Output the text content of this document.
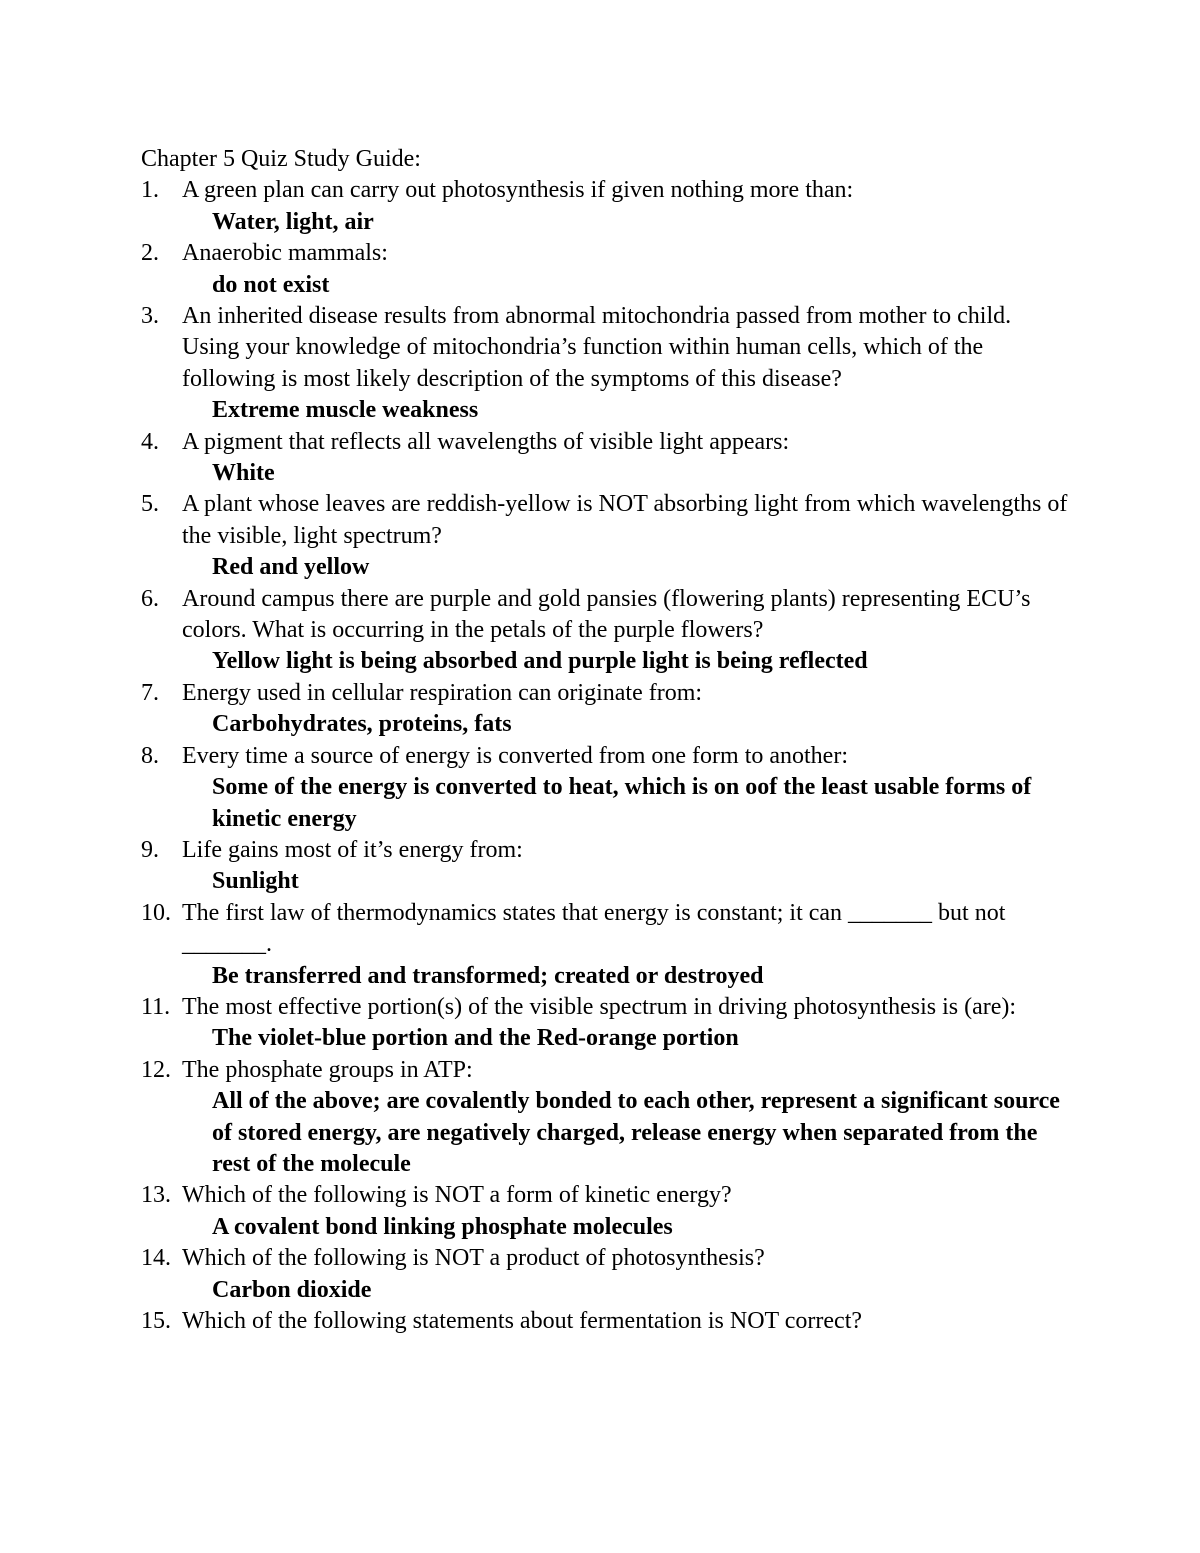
Chapter 5 Quiz Study Guide:
1. A green plan can carry out photosynthesis if given nothing more than:
Water, light, air
2. Anaerobic mammals:
do not exist
3. An inherited disease results from abnormal mitochondria passed from mother to child. Using your knowledge of mitochondria’s function within human cells, which of the following is most likely description of the symptoms of this disease?
Extreme muscle weakness
4. A pigment that reflects all wavelengths of visible light appears:
White
5. A plant whose leaves are reddish-yellow is NOT absorbing light from which wavelengths of the visible, light spectrum?
Red and yellow
6. Around campus there are purple and gold pansies (flowering plants) representing ECU’s colors. What is occurring in the petals of the purple flowers?
Yellow light is being absorbed and purple light is being reflected
7. Energy used in cellular respiration can originate from:
Carbohydrates, proteins, fats
8. Every time a source of energy is converted from one form to another:
Some of the energy is converted to heat, which is on oof the least usable forms of kinetic energy
9. Life gains most of it’s energy from:
Sunlight
10. The first law of thermodynamics states that energy is constant; it can _______ but not _______.
Be transferred and transformed; created or destroyed
11. The most effective portion(s) of the visible spectrum in driving photosynthesis is (are):
The violet-blue portion and the Red-orange portion
12. The phosphate groups in ATP:
All of the above; are covalently bonded to each other, represent a significant source of stored energy, are negatively charged, release energy when separated from the rest of the molecule
13. Which of the following is NOT a form of kinetic energy?
A covalent bond linking phosphate molecules
14. Which of the following is NOT a product of photosynthesis?
Carbon dioxide
15. Which of the following statements about fermentation is NOT correct?
